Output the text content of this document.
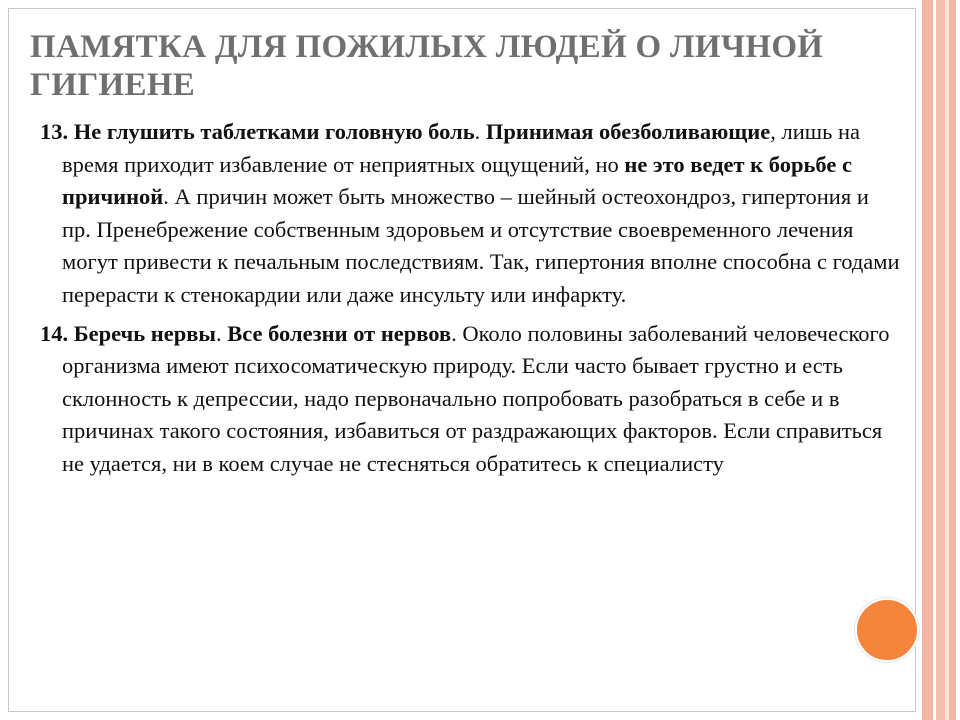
ПАМЯТКА ДЛЯ ПОЖИЛЫХ ЛЮДЕЙ О ЛИЧНОЙ ГИГИЕНЕ

13. Не глушить таблетками головную боль. Принимая обезболивающие, лишь на время приходит избавление от неприятных ощущений, но не это ведет к борьбе с причиной. А причин может быть множество – шейный остеохондроз, гипертония и пр. Пренебрежение собственным здоровьем и отсутствие своевременного лечения могут привести к печальным последствиям. Так, гипертония вполне способна с годами перерасти к стенокардии или даже инсульту или инфаркту.

14. Беречь нервы. Все болезни от нервов. Около половины заболеваний человеческого организма имеют психосоматическую природу. Если часто бывает грустно и есть склонность к депрессии, надо первоначально попробовать разобраться в себе и в причинах такого состояния, избавиться от раздражающих факторов. Если справиться не удается, ни в коем случае не стесняться обратитесь к специалисту
